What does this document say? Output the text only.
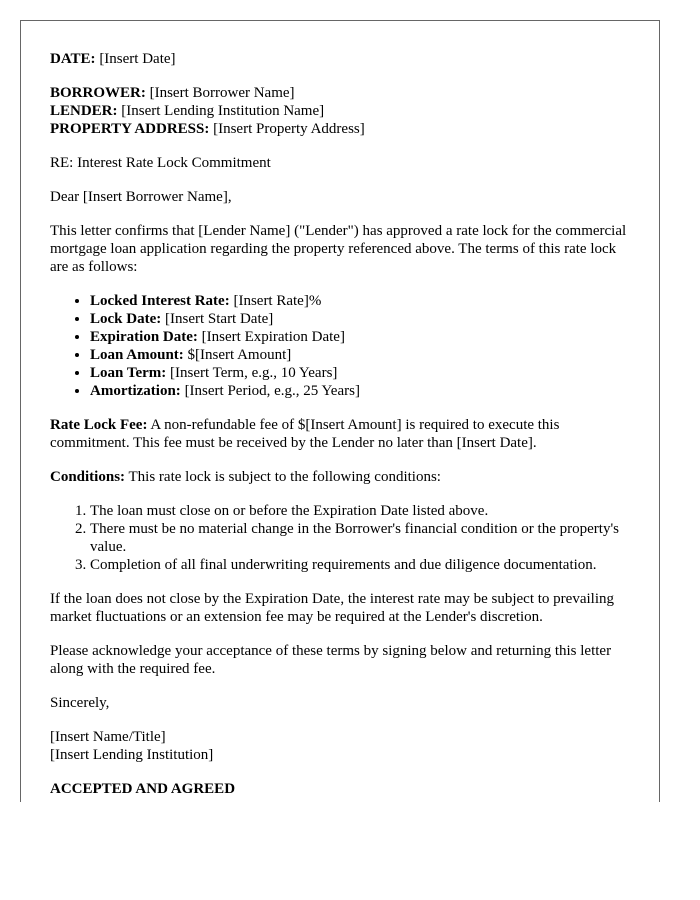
DATE: [Insert Date]

BORROWER: [Insert Borrower Name]
LENDER: [Insert Lending Institution Name]
PROPERTY ADDRESS: [Insert Property Address]

RE: Interest Rate Lock Commitment

Dear [Insert Borrower Name],

This letter confirms that [Lender Name] ("Lender") has approved a rate lock for the commercial mortgage loan application regarding the property referenced above. The terms of this rate lock are as follows:

• Locked Interest Rate: [Insert Rate]%
• Lock Date: [Insert Start Date]
• Expiration Date: [Insert Expiration Date]
• Loan Amount: $[Insert Amount]
• Loan Term: [Insert Term, e.g., 10 Years]
• Amortization: [Insert Period, e.g., 25 Years]

Rate Lock Fee: A non-refundable fee of $[Insert Amount] is required to execute this commitment. This fee must be received by the Lender no later than [Insert Date].

Conditions: This rate lock is subject to the following conditions:

1. The loan must close on or before the Expiration Date listed above.
2. There must be no material change in the Borrower's financial condition or the property's value.
3. Completion of all final underwriting requirements and due diligence documentation.

If the loan does not close by the Expiration Date, the interest rate may be subject to prevailing market fluctuations or an extension fee may be required at the Lender's discretion.

Please acknowledge your acceptance of these terms by signing below and returning this letter along with the required fee.

Sincerely,

[Insert Name/Title]
[Insert Lending Institution]

ACCEPTED AND AGREED
